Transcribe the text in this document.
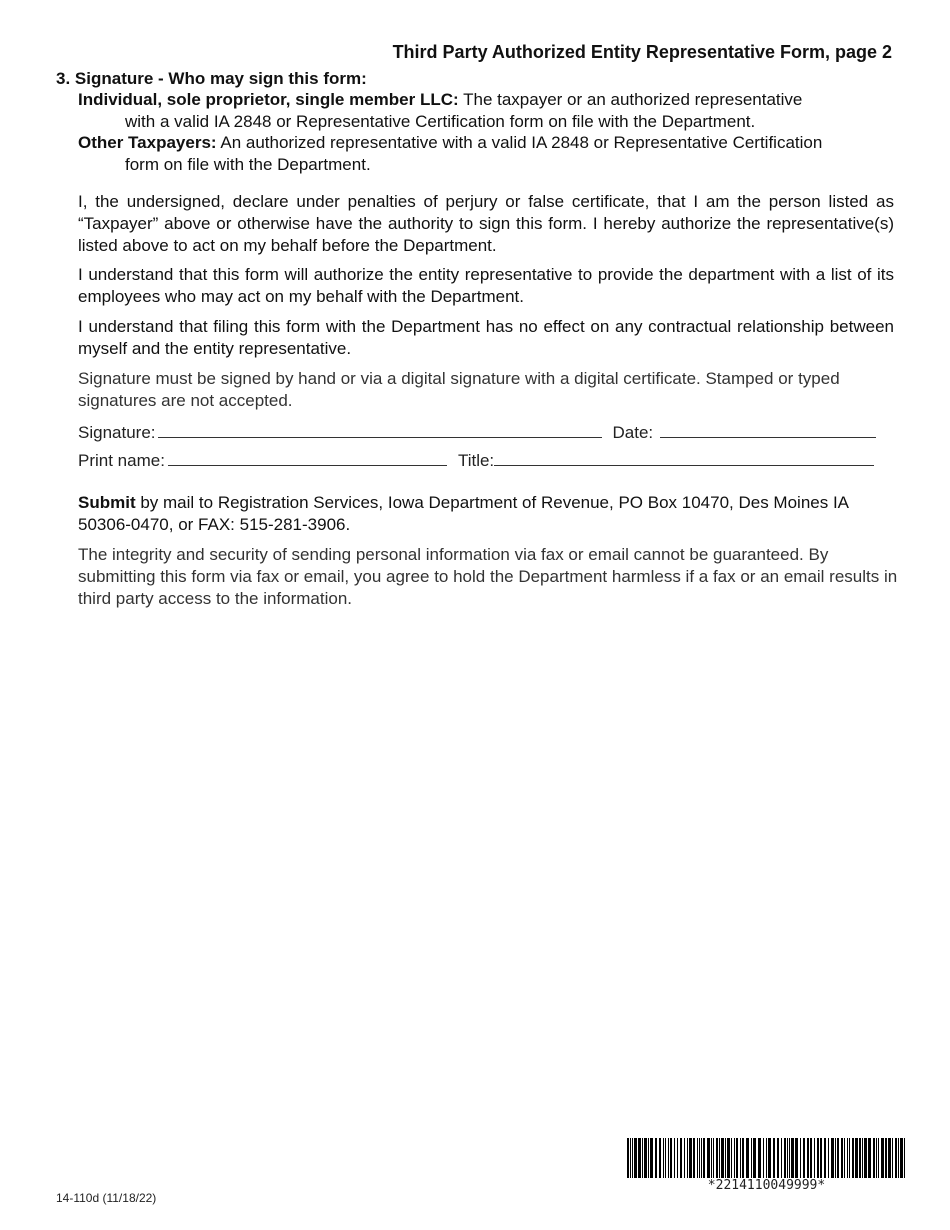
Third Party Authorized Entity Representative Form, page 2
3. Signature - Who may sign this form:
Individual, sole proprietor, single member LLC: The taxpayer or an authorized representative
with a valid IA 2848 or Representative Certification form on file with the Department.
Other Taxpayers: An authorized representative with a valid IA 2848 or Representative Certification
form on file with the Department.
I, the undersigned, declare under penalties of perjury or false certificate, that I am the person listed as “Taxpayer” above or otherwise have the authority to sign this form. I hereby authorize the representative(s) listed above to act on my behalf before the Department.
I understand that this form will authorize the entity representative to provide the department with a list of its employees who may act on my behalf with the Department.
I understand that filing this form with the Department has no effect on any contractual relationship between myself and the entity representative.
Signature must be signed by hand or via a digital signature with a digital certificate. Stamped or typed signatures are not accepted.
Signature:	Date:
Print name:	Title:
Submit by mail to Registration Services, Iowa Department of Revenue, PO Box 10470, Des Moines IA 50306-0470, or FAX: 515-281-3906.
The integrity and security of sending personal information via fax or email cannot be guaranteed. By submitting this form via fax or email, you agree to hold the Department harmless if a fax or an email results in third party access to the information.
*2214110049999*
14-110d (11/18/22)
